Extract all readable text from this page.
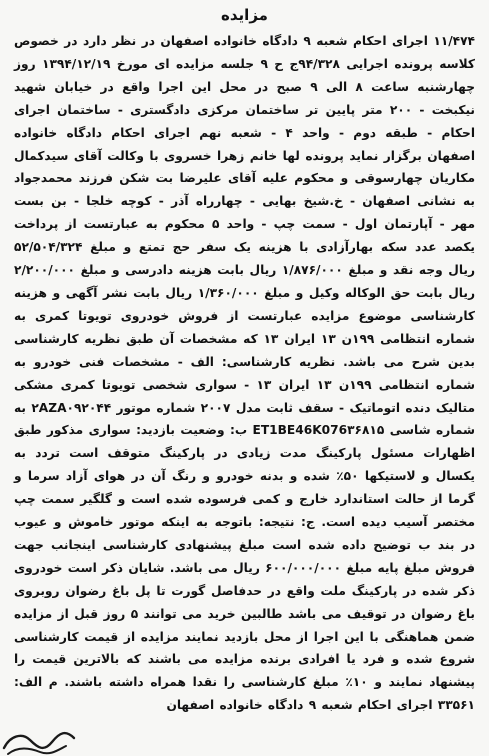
مزایده

۱۱/۴۷۴ اجرای احکام شعبه ۹ دادگاه خانواده اصفهان در نظر دارد در خصوص کلاسه پرونده اجرایی ۹۴/۳۲۸ج ح ۹ جلسه مزایده ای مورخ ۱۳۹۴/۱۲/۱۹ روز چهارشنبه ساعت ۸ الی ۹ صبح در محل این اجرا واقع در خیابان شهید نیکبخت - ۲۰۰ متر پایین تر ساختمان مرکزی دادگستری - ساختمان اجرای احکام - طبقه دوم - واحد ۴ - شعبه نهم اجرای احکام دادگاه خانواده اصفهان برگزار نماید پرونده لها خانم زهرا خسروی با وکالت آقای سیدکمال مکاریان چهارسوقی و محکوم علیه آقای علیرضا بت شکن فرزند محمدجواد به نشانی اصفهان - خ.شیخ بهایی - چهارراه آذر - کوچه خلجا - بن بست مهر - آپارتمان اول - سمت چپ - واحد ۵ محکوم به عبارتست از پرداخت یکصد عدد سکه بهارآزادی با هزینه یک سفر حج تمتع و مبلغ ۵۲/۵۰۴/۳۲۴ ریال وجه نقد و مبلغ ۱/۸۷۶/۰۰۰ ریال بابت هزینه دادرسی و مبلغ ۲/۲۰۰/۰۰۰ ریال بابت حق الوکاله وکیل و مبلغ ۱/۳۶۰/۰۰۰ ریال بابت نشر آگهی و هزینه کارشناسی موضوع مزایده عبارتست از فروش خودروی تویوتا کمری به شماره انتظامی ۱۹۹ن ۱۳ ایران ۱۳ که مشخصات آن طبق نظریه کارشناسی بدین شرح می باشد. نظریه کارشناسی: الف - مشخصات فنی خودرو به شماره انتظامی ۱۹۹ن ۱۳ ایران ۱۳ - سواری شخصی تویوتا کمری مشکی متالیک دنده اتوماتیک - سقف ثابت مدل ۲۰۰۷ شماره موتور ۲AZA۰۹۲۰۴۴ به شماره شاسی ET1BE46K076۳۶۸۱۵ ب: وضعیت بازدید: سواری مذکور طبق اظهارات مسئول پارکینگ مدت زیادی در پارکینگ متوقف است تردد به یکسال و لاستیکها ۵۰٪ شده و بدنه خودرو و رنگ آن در هوای آزاد سرما و گرما از حالت استاندارد خارج و کمی فرسوده شده است و گلگیر سمت چپ مختصر آسیب دیده است. ج: نتیجه: باتوجه به اینکه موتور خاموش و عیوب در بند ب توضیح داده شده است مبلغ پیشنهادی کارشناسی اینجانب جهت فروش مبلغ پایه مبلغ ۶۰۰/۰۰۰/۰۰۰ ریال می باشد. شایان ذکر است خودروی ذکر شده در پارکینگ ملت واقع در حدفاصل گورت تا پل باغ رضوان روبروی باغ رضوان در توقیف می باشد طالبین خرید می توانند ۵ روز قبل از مزایده ضمن هماهنگی با این اجرا از محل بازدید نمایند مزایده از قیمت کارشناسی شروع شده و فرد یا افرادی برنده مزایده می باشند که بالاترین قیمت را پیشنهاد نمایند و ۱۰٪ مبلغ کارشناسی را نقدا همراه داشته باشند. م الف: ۳۳۵۶۱ اجرای احکام شعبه ۹ دادگاه خانواده اصفهان
